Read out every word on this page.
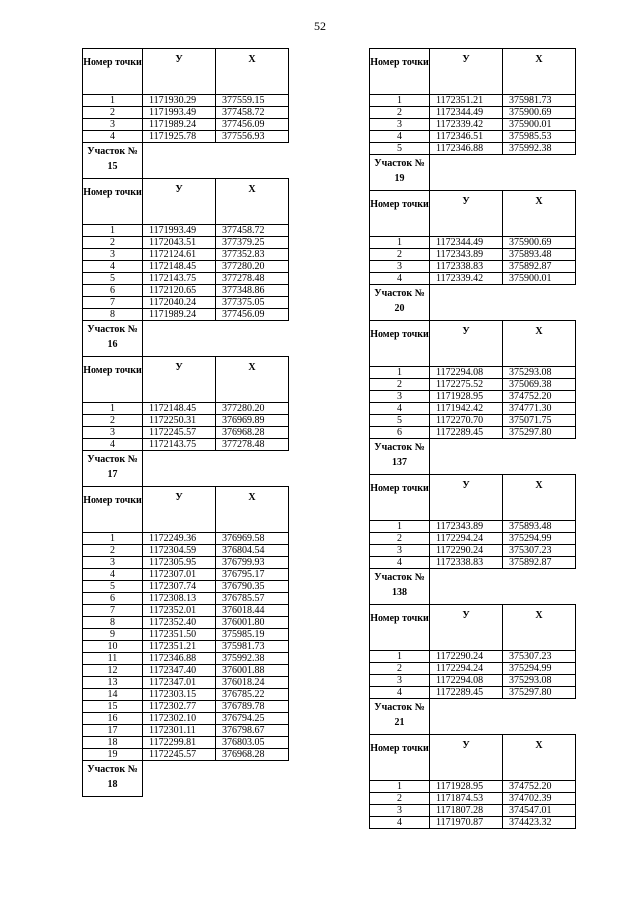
52
Номер точки	У	Х
1	1171930.29	377559.15
2	1171993.49	377458.72
3	1171989.24	377456.09
4	1171925.78	377556.93
Участок № 15		
Номер точки	У	Х
1	1171993.49	377458.72
2	1172043.51	377379.25
3	1172124.61	377352.83
4	1172148.45	377280.20
5	1172143.75	377278.48
6	1172120.65	377348.86
7	1172040.24	377375.05
8	1171989.24	377456.09
Участок № 16		
Номер точки	У	Х
1	1172148.45	377280.20
2	1172250.31	376969.89
3	1172245.57	376968.28
4	1172143.75	377278.48
Участок № 17		
Номер точки	У	Х
1	1172249.36	376969.58
2	1172304.59	376804.54
3	1172305.95	376799.93
4	1172307.01	376795.17
5	1172307.74	376790.35
6	1172308.13	376785.57
7	1172352.01	376018.44
8	1172352.40	376001.80
9	1172351.50	375985.19
10	1172351.21	375981.73
11	1172346.88	375992.38
12	1172347.40	376001.88
13	1172347.01	376018.24
14	1172303.15	376785.22
15	1172302.77	376789.78
16	1172302.10	376794.25
17	1172301.11	376798.67
18	1172299.81	376803.05
19	1172245.57	376968.28
Участок № 18		
Номер точки	У	Х
1	1172351.21	375981.73
2	1172344.49	375900.69
3	1172339.42	375900.01
4	1172346.51	375985.53
5	1172346.88	375992.38
Участок № 19		
Номер точки	У	Х
1	1172344.49	375900.69
2	1172343.89	375893.48
3	1172338.83	375892.87
4	1172339.42	375900.01
Участок № 20		
Номер точки	У	Х
1	1172294.08	375293.08
2	1172275.52	375069.38
3	1171928.95	374752.20
4	1171942.42	374771.30
5	1172270.70	375071.75
6	1172289.45	375297.80
Участок № 137		
Номер точки	У	Х
1	1172343.89	375893.48
2	1172294.24	375294.99
3	1172290.24	375307.23
4	1172338.83	375892.87
Участок № 138		
Номер точки	У	Х
1	1172290.24	375307.23
2	1172294.24	375294.99
3	1172294.08	375293.08
4	1172289.45	375297.80
Участок № 21		
Номер точки	У	Х
1	1171928.95	374752.20
2	1171874.53	374702.39
3	1171807.28	374547.01
4	1171970.87	374423.32
